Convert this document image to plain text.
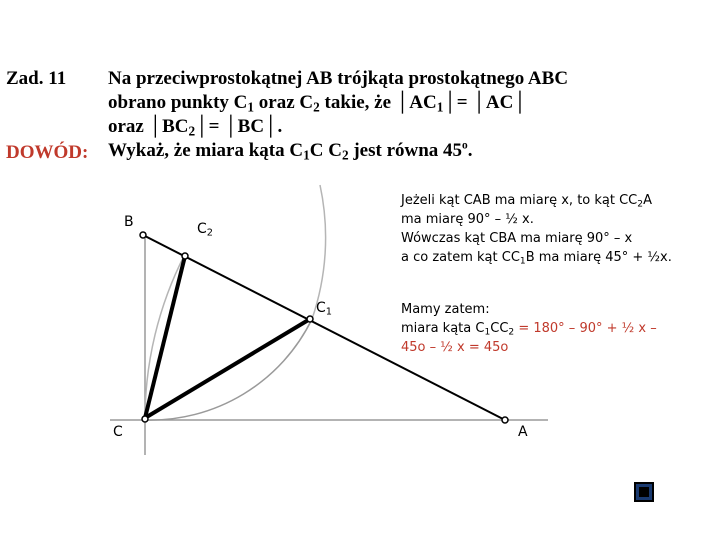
Zad. 11 Na przeciwprostokątnej AB trójkąta prostokątnego ABC
obrano punkty $C_1$ oraz $C_2$ takie, że $│AC_1│=$ │AC│
oraz $│BC_2│=$ │BC│.
Wykaż, że miara kąta $C_1C$ $C_2$ jest równa 45$^o$.
DOWÓD:
B	$C_2$
$C_1$
C	A
Jeżeli kąt CAB ma miarę x, to kąt $CC_2A$
ma miarę 90° – ½ x.
Wówczas kąt CBA ma miarę 90° – x
a co zatem kąt $CC_1B$ ma miarę 45° + ½x.
Mamy zatem:
miara kąta $C_1CC_2 = 180^\circ - 90^\circ$ + ½ x –
45o – ½ x = 45o
